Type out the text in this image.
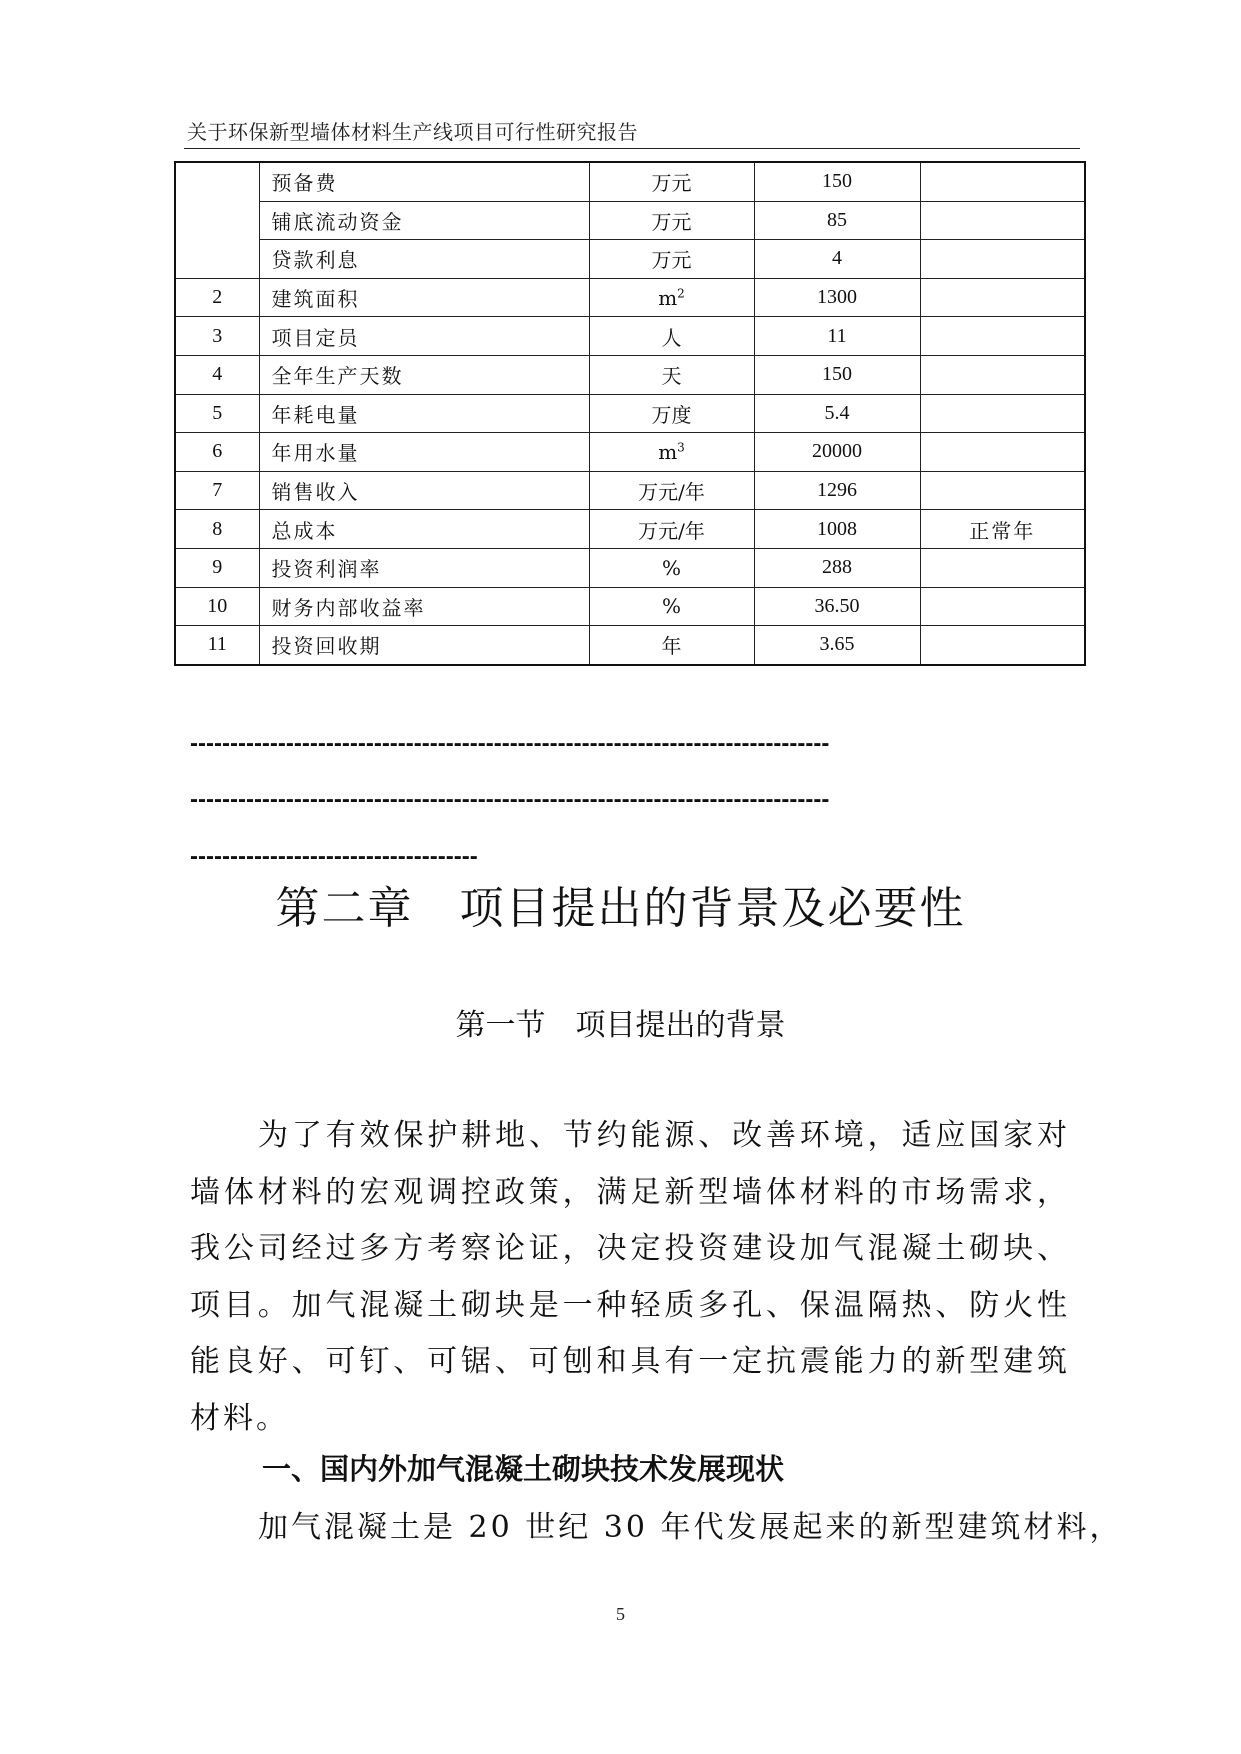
关于环保新型墙体材料生产线项目可行性研究报告
	预备费	万元	150	
	铺底流动资金	万元	85	
	贷款利息	万元	4	
2	建筑面积	$m^2$	1300	
3	项目定员	人	11	
4	全年生产天数	天	150	
5	年耗电量	万度	5.4	
6	年用水量	$m^3$	20000	
7	销售收入	万元/年	1296	
8	总成本	万元/年	1008	正常年
9	投资利润率	%	288	
10	财务内部收益率	%	36.50	
11	投资回收期	年	3.65	
--------------------------------------------------------------------------------
--------------------------------------------------------------------------------
------------------------------------
第二章　项目提出的背景及必要性
第一节　项目提出的背景
为了有效保护耕地、节约能源、改善环境，适应国家对墙体材料的宏观调控政策，满足新型墙体材料的市场需求，我公司经过多方考察论证，决定投资建设加气混凝土砌块、项目。加气混凝土砌块是一种轻质多孔、保温隔热、防火性能良好、可钉、可锯、可刨和具有一定抗震能力的新型建筑材料。
一、国内外加气混凝土砌块技术发展现状
加气混凝土是 20 世纪 30 年代发展起来的新型建筑材料，
5
